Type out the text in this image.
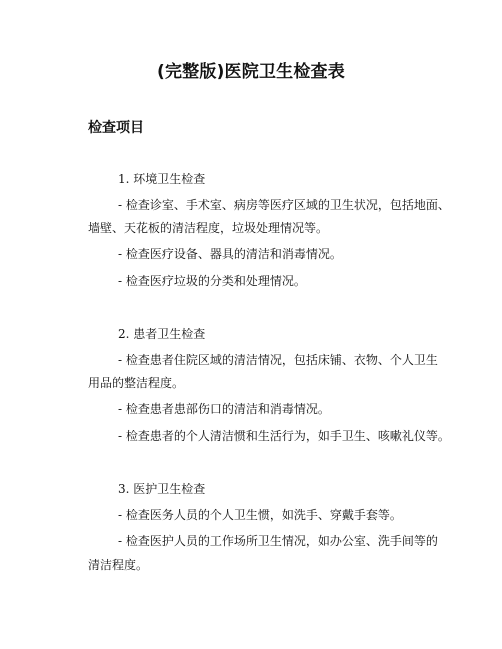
(完整版)医院卫生检查表
检查项目
1. 环境卫生检查
- 检查诊室、手术室、病房等医疗区域的卫生状况，包括地面、
墙壁、天花板的清洁程度，垃圾处理情况等。
- 检查医疗设备、器具的清洁和消毒情况。
- 检查医疗垃圾的分类和处理情况。
2. 患者卫生检查
- 检查患者住院区域的清洁情况，包括床铺、衣物、个人卫生
用品的整洁程度。
- 检查患者患部伤口的清洁和消毒情况。
- 检查患者的个人清洁惯和生活行为，如手卫生、咳嗽礼仪等。
3. 医护卫生检查
- 检查医务人员的个人卫生惯，如洗手、穿戴手套等。
- 检查医护人员的工作场所卫生情况，如办公室、洗手间等的
清洁程度。
